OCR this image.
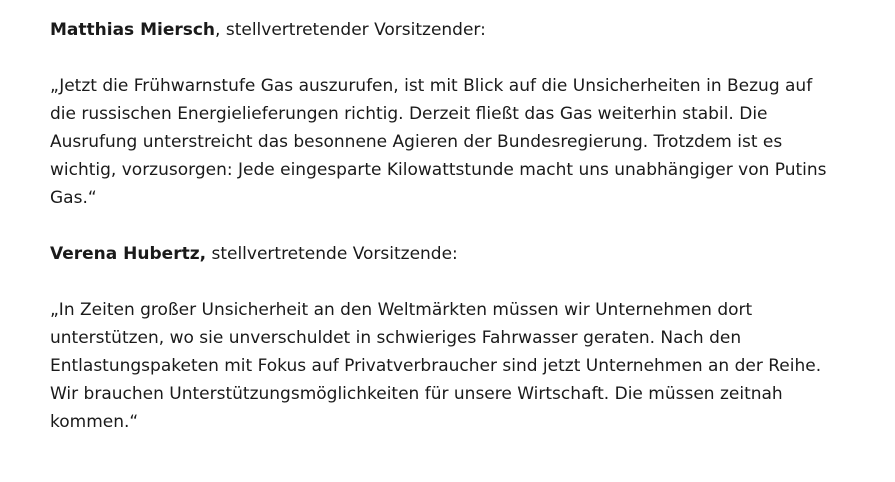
Matthias Miersch, stellvertretender Vorsitzender:

„Jetzt die Frühwarnstufe Gas auszurufen, ist mit Blick auf die Unsicherheiten in Bezug auf die russischen Energielieferungen richtig. Derzeit fließt das Gas weiterhin stabil. Die Ausrufung unterstreicht das besonnene Agieren der Bundesregierung. Trotzdem ist es wichtig, vorzusorgen: Jede eingesparte Kilowattstunde macht uns unabhängiger von Putins Gas.“

Verena Hubertz, stellvertretende Vorsitzende:

„In Zeiten großer Unsicherheit an den Weltmärkten müssen wir Unternehmen dort unterstützen, wo sie unverschuldet in schwieriges Fahrwasser geraten. Nach den Entlastungspaketen mit Fokus auf Privatverbraucher sind jetzt Unternehmen an der Reihe. Wir brauchen Unterstützungsmöglichkeiten für unsere Wirtschaft. Die müssen zeitnah kommen.“
